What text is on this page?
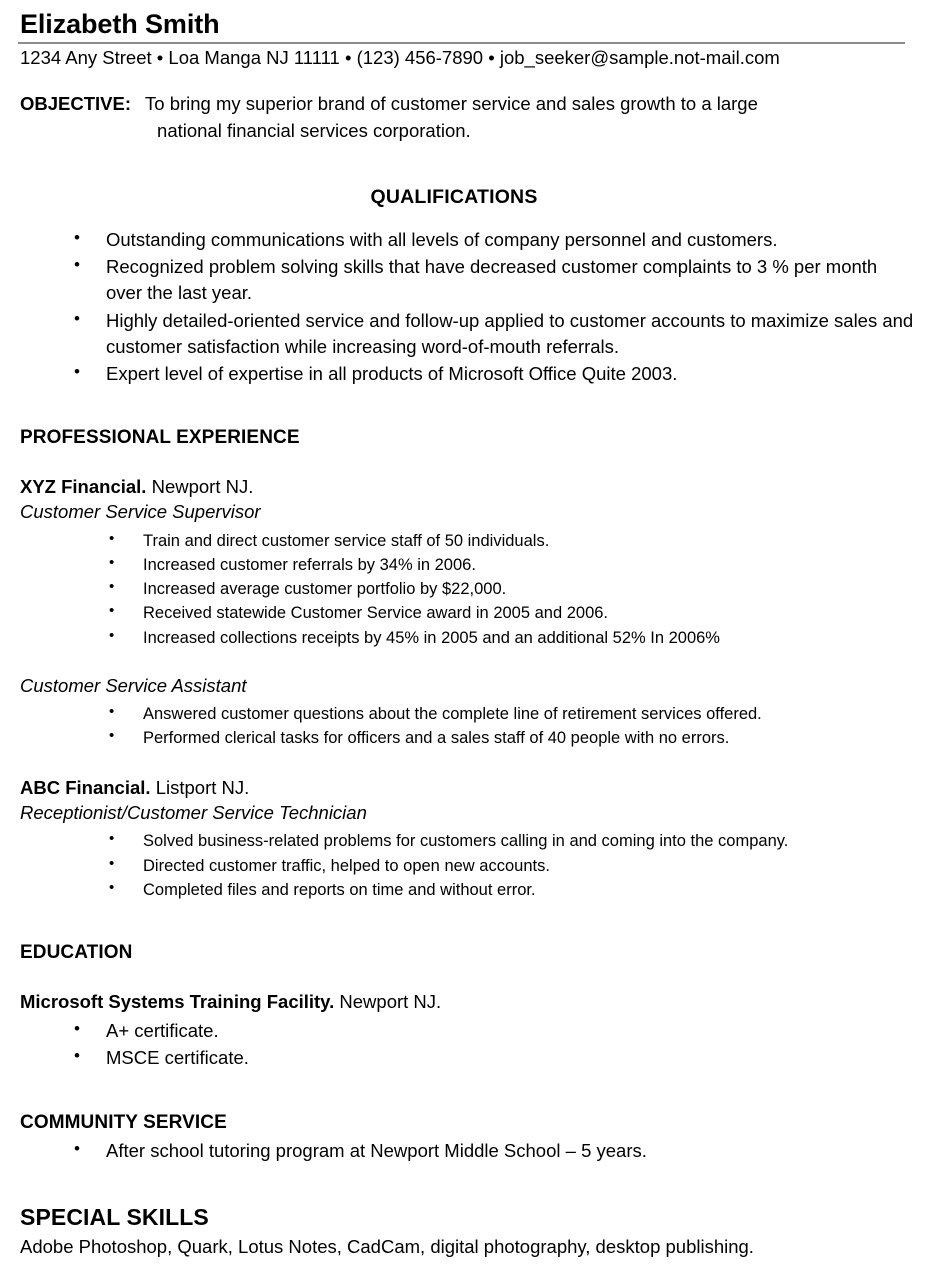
Elizabeth Smith
1234 Any Street • Loa Manga NJ 11111 • (123) 456-7890 • job_seeker@sample.not-mail.com
OBJECTIVE: To bring my superior brand of customer service and sales growth to a large
national financial services corporation.
QUALIFICATIONS
• Outstanding communications with all levels of company personnel and customers.
• Recognized problem solving skills that have decreased customer complaints to 3 % per month over the last year.
• Highly detailed-oriented service and follow-up applied to customer accounts to maximize sales and customer satisfaction while increasing word-of-mouth referrals.
• Expert level of expertise in all products of Microsoft Office Quite 2003.
PROFESSIONAL EXPERIENCE
XYZ Financial. Newport NJ.
Customer Service Supervisor
• Train and direct customer service staff of 50 individuals.
• Increased customer referrals by 34% in 2006.
• Increased average customer portfolio by $22,000.
• Received statewide Customer Service award in 2005 and 2006.
• Increased collections receipts by 45% in 2005 and an additional 52% In 2006%
Customer Service Assistant
• Answered customer questions about the complete line of retirement services offered.
• Performed clerical tasks for officers and a sales staff of 40 people with no errors.
ABC Financial. Listport NJ.
Receptionist/Customer Service Technician
• Solved business-related problems for customers calling in and coming into the company.
• Directed customer traffic, helped to open new accounts.
• Completed files and reports on time and without error.
EDUCATION
Microsoft Systems Training Facility. Newport NJ.
• A+ certificate.
• MSCE certificate.
COMMUNITY SERVICE
• After school tutoring program at Newport Middle School – 5 years.
SPECIAL SKILLS
Adobe Photoshop, Quark, Lotus Notes, CadCam, digital photography, desktop publishing.
